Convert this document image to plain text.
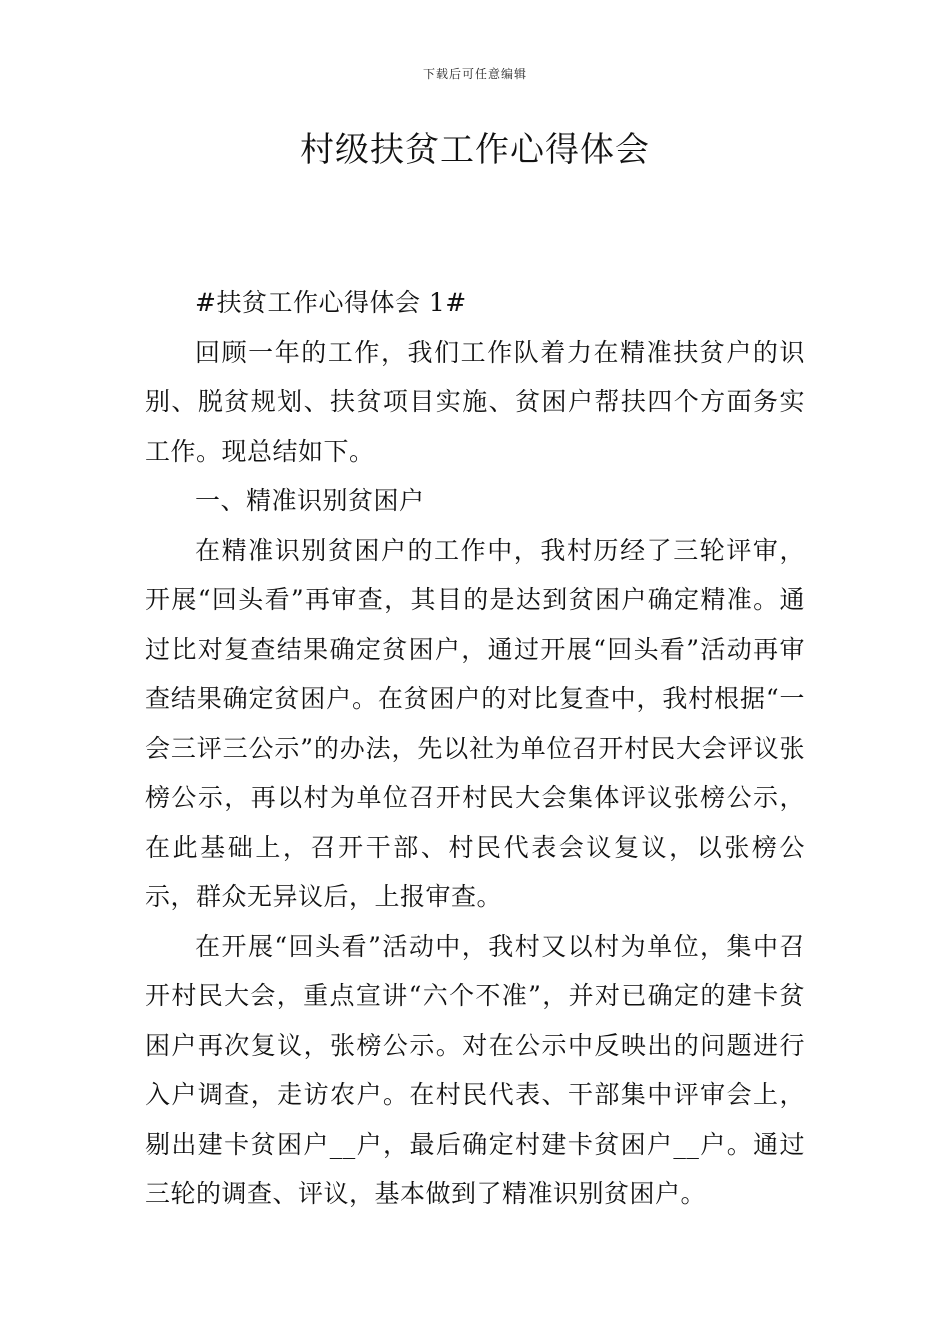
下载后可任意编辑
村级扶贫工作心得体会

#扶贫工作心得体会 1#

回顾一年的工作，我们工作队着力在精准扶贫户的识别、脱贫规划、扶贫项目实施、贫困户帮扶四个方面务实工作。现总结如下。

一、精准识别贫困户

在精准识别贫困户的工作中，我村历经了三轮评审，开展“回头看”再审查，其目的是达到贫困户确定精准。通过比对复查结果确定贫困户，通过开展“回头看”活动再审查结果确定贫困户。在贫困户的对比复查中，我村根据“一会三评三公示”的办法，先以社为单位召开村民大会评议张榜公示，再以村为单位召开村民大会集体评议张榜公示，在此基础上，召开干部、村民代表会议复议，以张榜公示，群众无异议后，上报审查。

在开展“回头看”活动中，我村又以村为单位，集中召开村民大会，重点宣讲“六个不准”，并对已确定的建卡贫困户再次复议，张榜公示。对在公示中反映出的问题进行入户调查，走访农户。在村民代表、干部集中评审会上，剔出建卡贫困户__户，最后确定村建卡贫困户__户。通过三轮的调查、评议，基本做到了精准识别贫困户。
